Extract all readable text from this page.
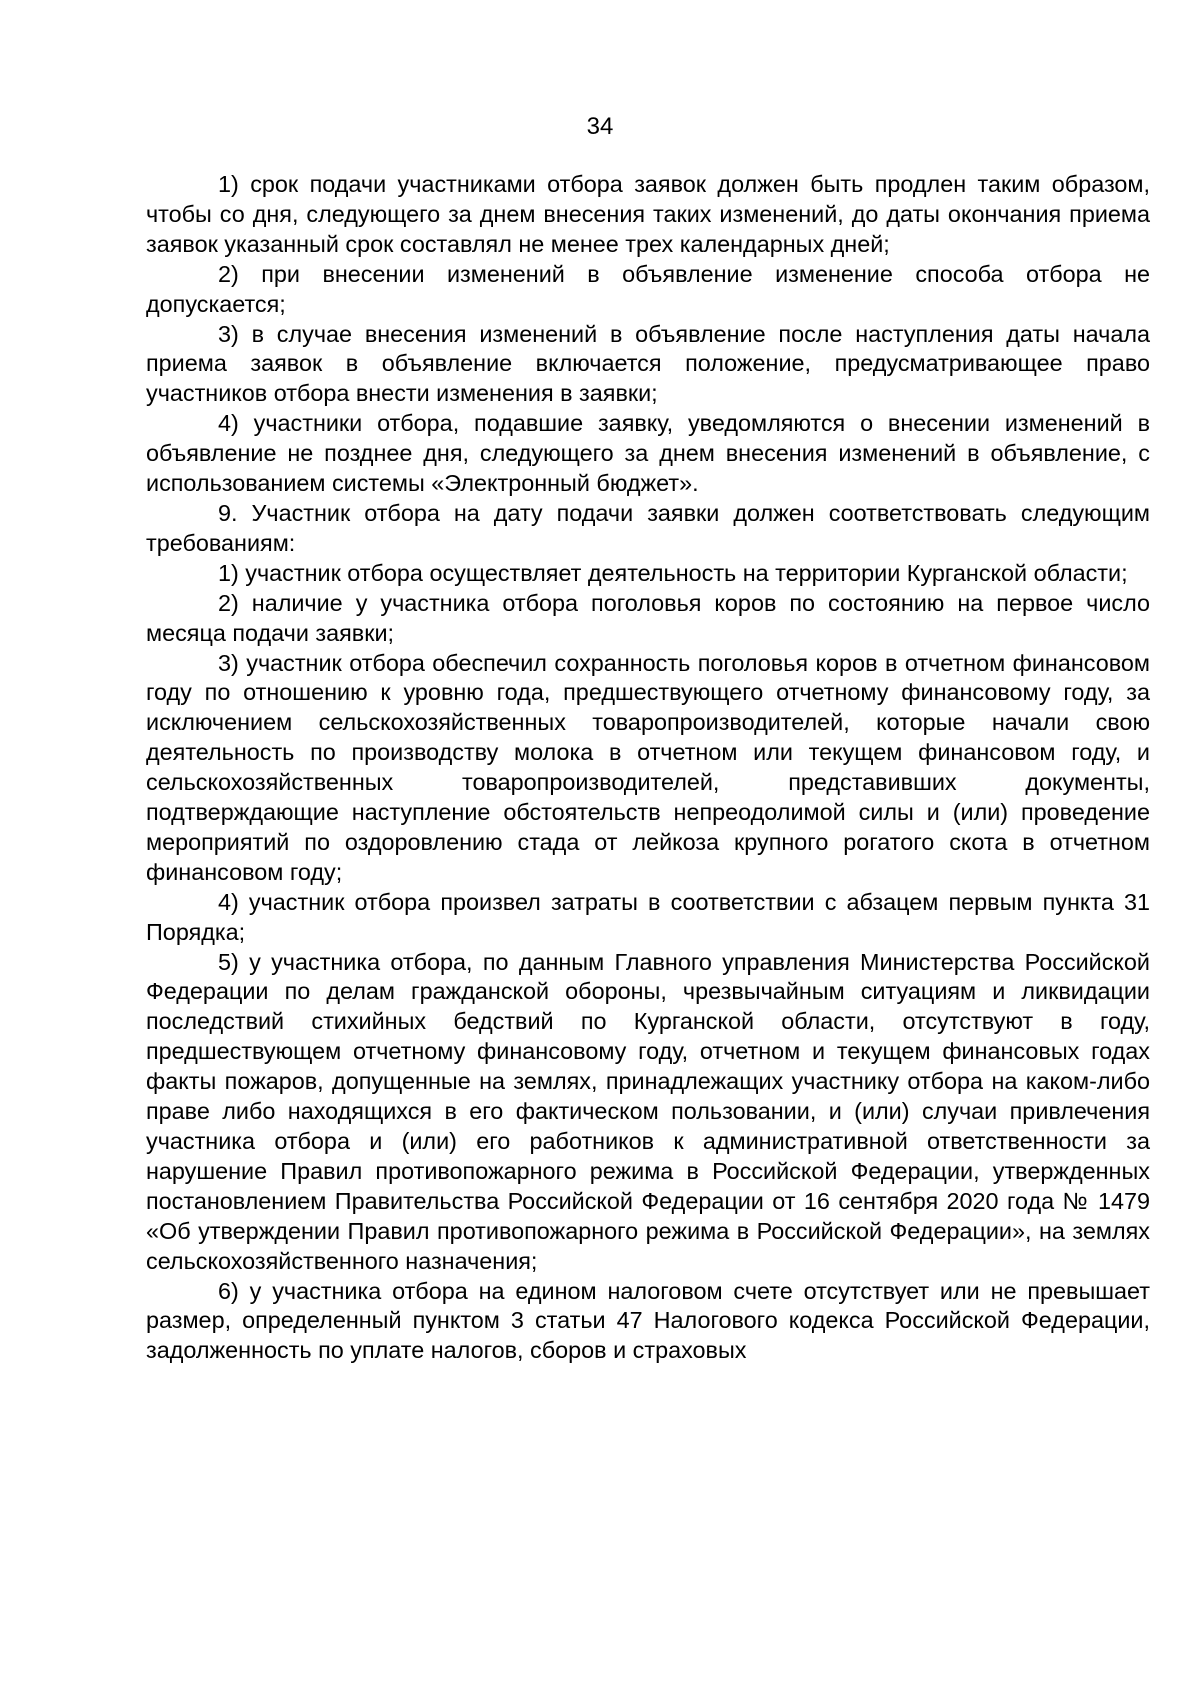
34

1) срок подачи участниками отбора заявок должен быть продлен таким образом, чтобы со дня, следующего за днем внесения таких изменений, до даты окончания приема заявок указанный срок составлял не менее трех календарных дней;

2) при внесении изменений в объявление изменение способа отбора не допускается;

3) в случае внесения изменений в объявление после наступления даты начала приема заявок в объявление включается положение, предусматривающее право участников отбора внести изменения в заявки;

4) участники отбора, подавшие заявку, уведомляются о внесении изменений в объявление не позднее дня, следующего за днем внесения изменений в объявление, с использованием системы «Электронный бюджет».

9. Участник отбора на дату подачи заявки должен соответствовать следующим требованиям:

1) участник отбора осуществляет деятельность на территории Курганской области;

2) наличие у участника отбора поголовья коров по состоянию на первое число месяца подачи заявки;

3) участник отбора обеспечил сохранность поголовья коров в отчетном финансовом году по отношению к уровню года, предшествующего отчетному финансовому году, за исключением сельскохозяйственных товаропроизводителей, которые начали свою деятельность по производству молока в отчетном или текущем финансовом году, и сельскохозяйственных товаропроизводителей, представивших документы, подтверждающие наступление обстоятельств непреодолимой силы и (или) проведение мероприятий по оздоровлению стада от лейкоза крупного рогатого скота в отчетном финансовом году;

4) участник отбора произвел затраты в соответствии с абзацем первым пункта 31 Порядка;

5) у участника отбора, по данным Главного управления Министерства Российской Федерации по делам гражданской обороны, чрезвычайным ситуациям и ликвидации последствий стихийных бедствий по Курганской области, отсутствуют в году, предшествующем отчетному финансовому году, отчетном и текущем финансовых годах факты пожаров, допущенные на землях, принадлежащих участнику отбора на каком-либо праве либо находящихся в его фактическом пользовании, и (или) случаи привлечения участника отбора и (или) его работников к административной ответственности за нарушение Правил противопожарного режима в Российской Федерации, утвержденных постановлением Правительства Российской Федерации от 16 сентября 2020 года № 1479 «Об утверждении Правил противопожарного режима в Российской Федерации», на землях сельскохозяйственного назначения;

6) у участника отбора на едином налоговом счете отсутствует или не превышает размер, определенный пунктом 3 статьи 47 Налогового кодекса Российской Федерации, задолженность по уплате налогов, сборов и страховых
